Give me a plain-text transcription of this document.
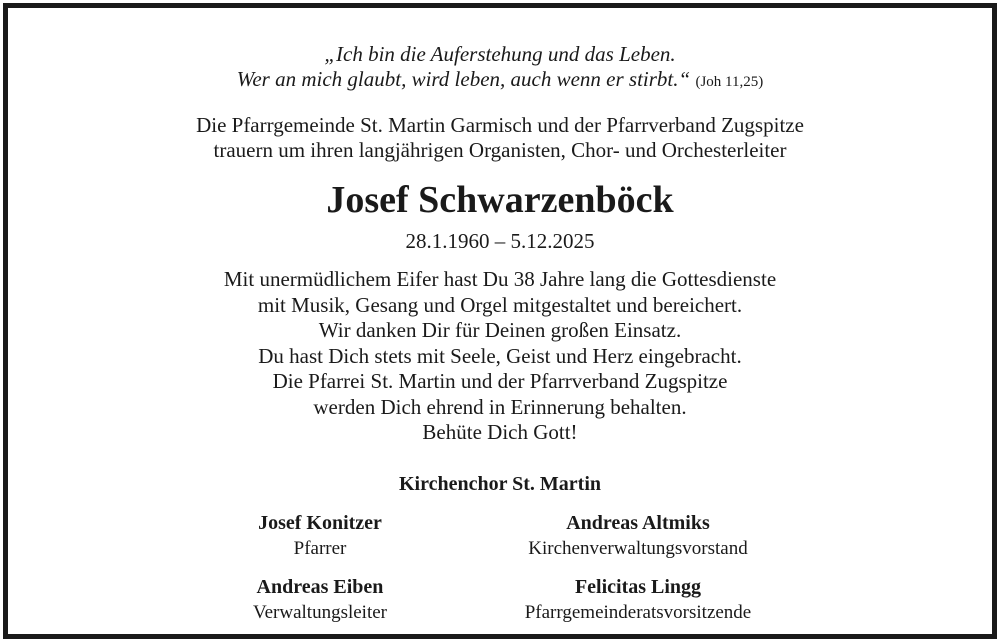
„Ich bin die Auferstehung und das Leben.
Wer an mich glaubt, wird leben, auch wenn er stirbt.“ (Joh 11,25)

Die Pfarrgemeinde St. Martin Garmisch und der Pfarrverband Zugspitze
trauern um ihren langjährigen Organisten, Chor- und Orchesterleiter

Josef Schwarzenböck

28.1.1960 – 5.12.2025

Mit unermüdlichem Eifer hast Du 38 Jahre lang die Gottesdienste
mit Musik, Gesang und Orgel mitgestaltet und bereichert.
Wir danken Dir für Deinen großen Einsatz.
Du hast Dich stets mit Seele, Geist und Herz eingebracht.
Die Pfarrei St. Martin und der Pfarrverband Zugspitze
werden Dich ehrend in Erinnerung behalten.
Behüte Dich Gott!

Kirchenchor St. Martin

Josef Konitzer
Pfarrer
Andreas Altmiks
Kirchenverwaltungsvorstand
Andreas Eiben
Verwaltungsleiter
Felicitas Lingg
Pfarrgemeinderatsvorsitzende
